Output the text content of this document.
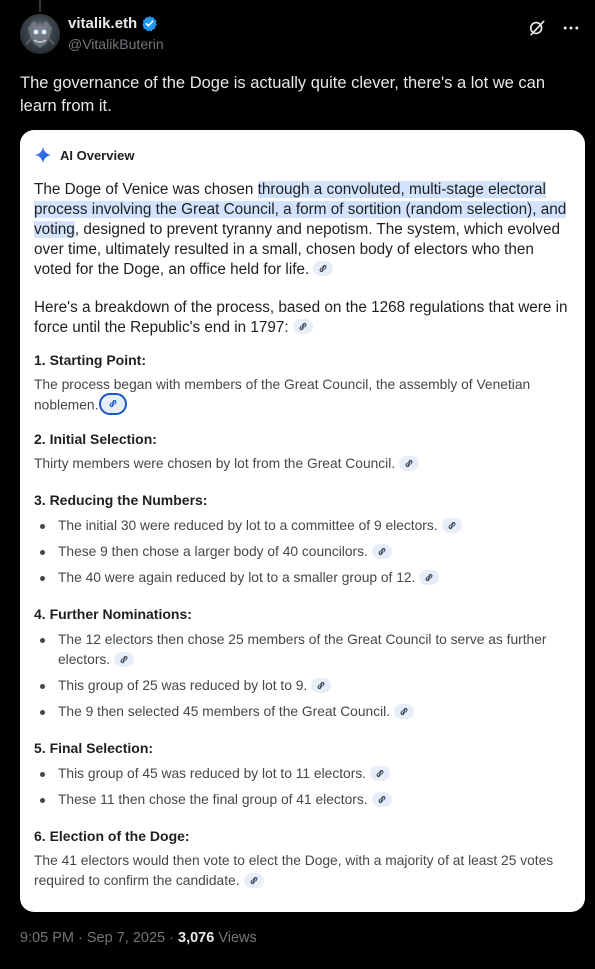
vitalik.eth
@VitalikButerin
The governance of the Doge is actually quite clever, there's a lot we can learn from it.
AI Overview

The Doge of Venice was chosen through a convoluted, multi-stage electoral process involving the Great Council, a form of sortition (random selection), and voting, designed to prevent tyranny and nepotism. The system, which evolved over time, ultimately resulted in a small, chosen body of electors who then voted for the Doge, an office held for life.

Here's a breakdown of the process, based on the 1268 regulations that were in force until the Republic's end in 1797:

1. Starting Point:
The process began with members of the Great Council, the assembly of Venetian noblemen.
2. Initial Selection:
Thirty members were chosen by lot from the Great Council.
3. Reducing the Numbers:
The initial 30 were reduced by lot to a committee of 9 electors.
These 9 then chose a larger body of 40 councilors.
The 40 were again reduced by lot to a smaller group of 12.
4. Further Nominations:
The 12 electors then chose 25 members of the Great Council to serve as further electors.
This group of 25 was reduced by lot to 9.
The 9 then selected 45 members of the Great Council.
5. Final Selection:
This group of 45 was reduced by lot to 11 electors.
These 11 then chose the final group of 41 electors.
6. Election of the Doge:
The 41 electors would then vote to elect the Doge, with a majority of at least 25 votes required to confirm the candidate.
9:05 PM · Sep 7, 2025 · 3,076 Views
